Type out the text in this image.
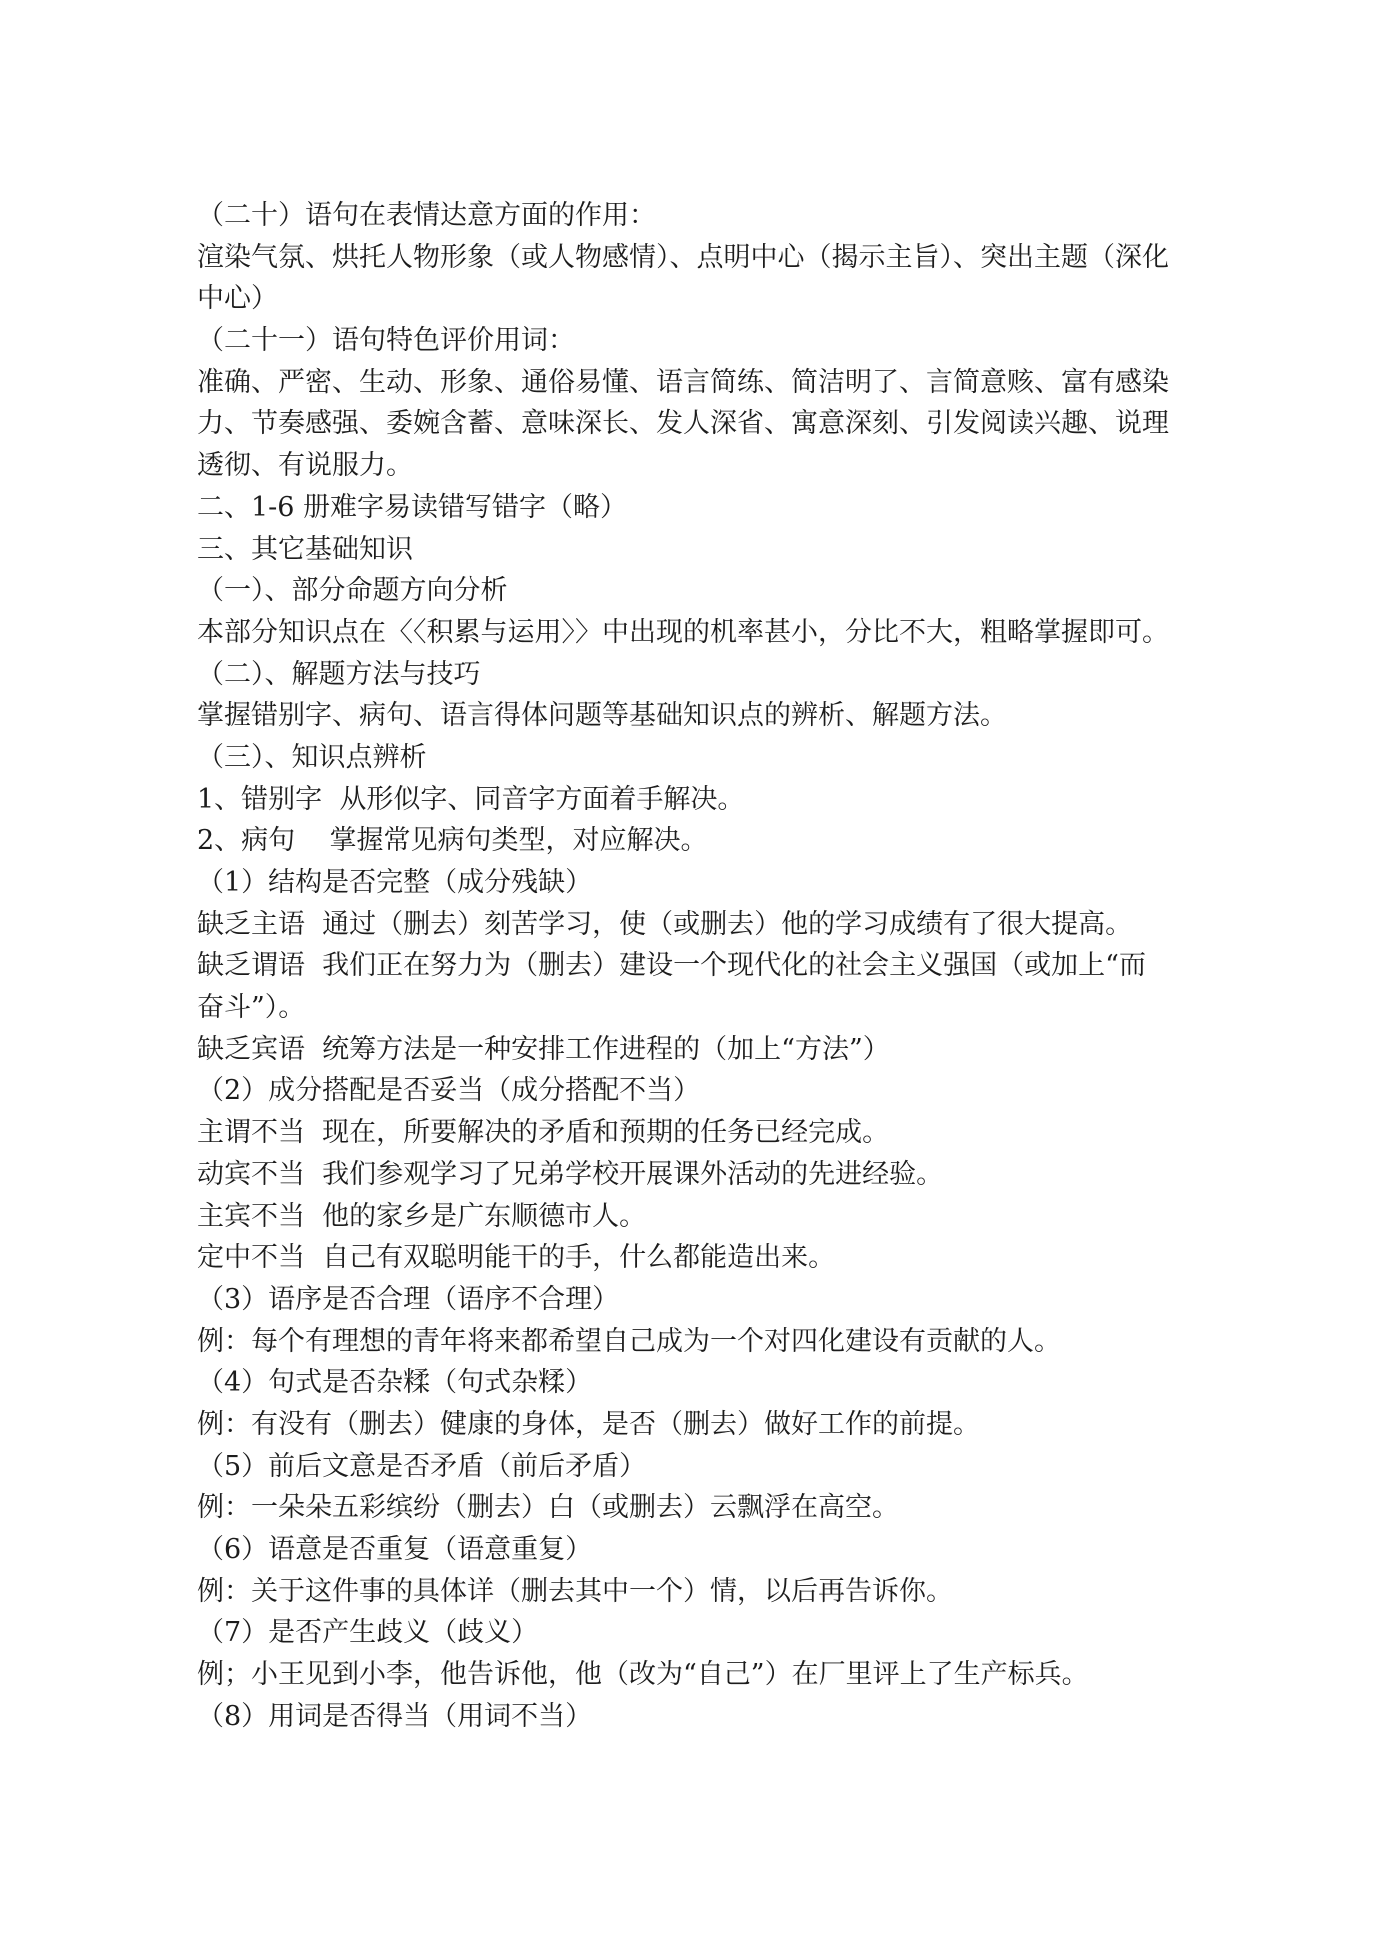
（二十）语句在表情达意方面的作用：
渲染气氛、烘托人物形象（或人物感情）、点明中心（揭示主旨）、突出主题（深化
中心）
（二十一）语句特色评价用词：
准确、严密、生动、形象、通俗易懂、语言简练、简洁明了、言简意赅、富有感染
力、节奏感强、委婉含蓄、意味深长、发人深省、寓意深刻、引发阅读兴趣、说理
透彻、有说服力。
二、1-6 册难字易读错写错字（略）
三、其它基础知识
（一）、部分命题方向分析
本部分知识点在〈〈积累与运用〉〉中出现的机率甚小，分比不大，粗略掌握即可。
（二）、解题方法与技巧
掌握错别字、病句、语言得体问题等基础知识点的辨析、解题方法。
（三）、知识点辨析
1、错别字  从形似字、同音字方面着手解决。
2、病句    掌握常见病句类型，对应解决。
（1）结构是否完整（成分残缺）
缺乏主语  通过（删去）刻苦学习，使（或删去）他的学习成绩有了很大提高。
缺乏谓语  我们正在努力为（删去）建设一个现代化的社会主义强国（或加上“而
奋斗”）。
缺乏宾语  统筹方法是一种安排工作进程的（加上“方法”）
（2）成分搭配是否妥当（成分搭配不当）
主谓不当  现在，所要解决的矛盾和预期的任务已经完成。
动宾不当  我们参观学习了兄弟学校开展课外活动的先进经验。
主宾不当  他的家乡是广东顺德市人。
定中不当  自己有双聪明能干的手，什么都能造出来。
（3）语序是否合理（语序不合理）
例：每个有理想的青年将来都希望自己成为一个对四化建设有贡献的人。
（4）句式是否杂糅（句式杂糅）
例：有没有（删去）健康的身体，是否（删去）做好工作的前提。
（5）前后文意是否矛盾（前后矛盾）
例：一朵朵五彩缤纷（删去）白（或删去）云飘浮在高空。
（6）语意是否重复（语意重复）
例：关于这件事的具体详（删去其中一个）情，以后再告诉你。
（7）是否产生歧义（歧义）
例；小王见到小李，他告诉他，他（改为“自己”）在厂里评上了生产标兵。
（8）用词是否得当（用词不当）
